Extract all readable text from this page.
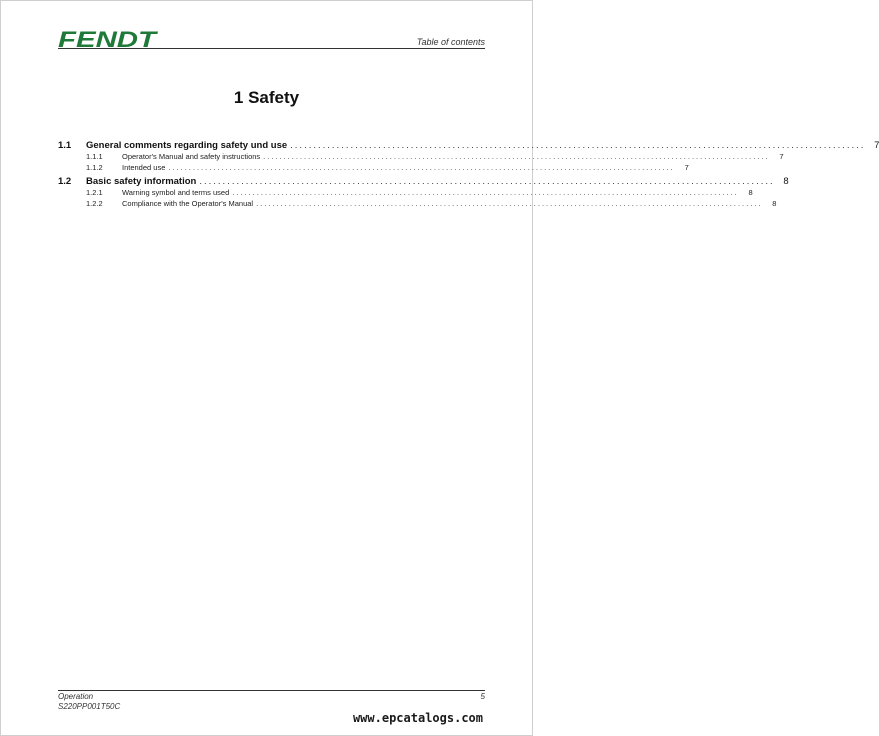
FENDT	Table of contents
1 Safety
1.1	General comments regarding safety und use ............................................................................................................................ 7
1.1.1	Operator's Manual and safety instructions ............................................................................................................................	7
1.1.2	Intended use ............................................................................................................................	7
1.2	Basic safety information ............................................................................................................................ 8
1.2.1	Warning symbol and terms used ............................................................................................................................	8
1.2.2	Compliance with the Operator's Manual ............................................................................................................................	8
Operation
S220PP001T50C
5
www.epcatalogs.com
